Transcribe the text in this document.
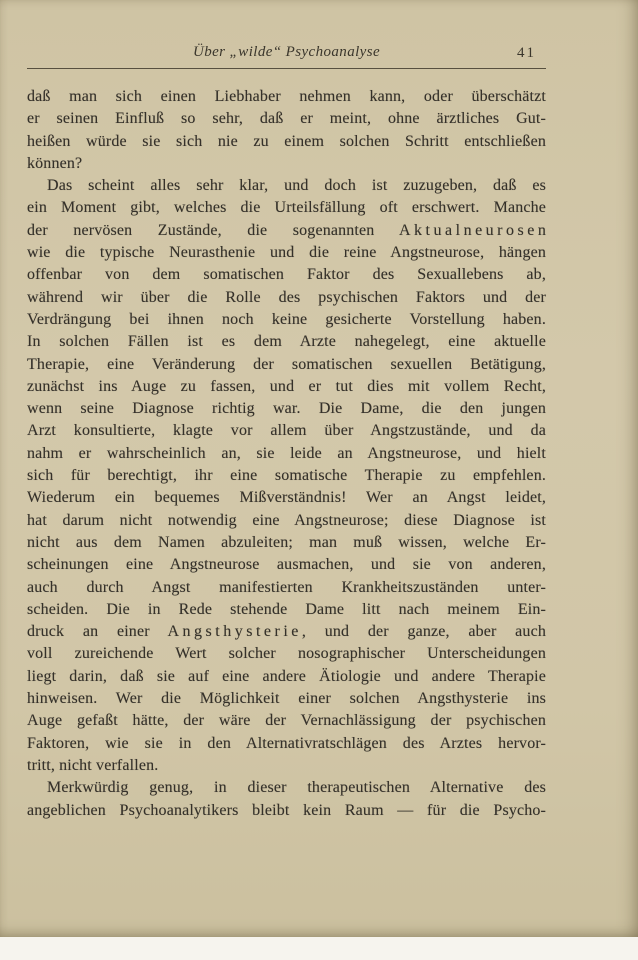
Über „wilde“ Psychoanalyse	41
daß man sich einen Liebhaber nehmen kann, oder überschätzt
er seinen Einfluß so sehr, daß er meint, ohne ärztliches Gut-
heißen würde sie sich nie zu einem solchen Schritt entschließen
können?
Das scheint alles sehr klar, und doch ist zuzugeben, daß es
ein Moment gibt, welches die Urteilsfällung oft erschwert. Manche
der nervösen Zustände, die sogenannten A k t u a l n e u r o s e n
wie die typische Neurasthenie und die reine Angstneurose, hängen
offenbar von dem somatischen Faktor des Sexuallebens ab,
während wir über die Rolle des psychischen Faktors und der
Verdrängung bei ihnen noch keine gesicherte Vorstellung haben.
In solchen Fällen ist es dem Arzte nahegelegt, eine aktuelle
Therapie, eine Veränderung der somatischen sexuellen Betätigung,
zunächst ins Auge zu fassen, und er tut dies mit vollem Recht,
wenn seine Diagnose richtig war. Die Dame, die den jungen
Arzt konsultierte, klagte vor allem über Angstzustände, und da
nahm er wahrscheinlich an, sie leide an Angstneurose, und hielt
sich für berechtigt, ihr eine somatische Therapie zu empfehlen.
Wiederum ein bequemes Mißverständnis! Wer an Angst leidet,
hat darum nicht notwendig eine Angstneurose; diese Diagnose ist
nicht aus dem Namen abzuleiten; man muß wissen, welche Er-
scheinungen eine Angstneurose ausmachen, und sie von anderen,
auch durch Angst manifestierten Krankheitszuständen unter-
scheiden. Die in Rede stehende Dame litt nach meinem Ein-
druck an einer A n g s t h y s t e r i e , und der ganze, aber auch
voll zureichende Wert solcher nosographischer Unterscheidungen
liegt darin, daß sie auf eine andere Ätiologie und andere Therapie
hinweisen. Wer die Möglichkeit einer solchen Angsthysterie ins
Auge gefaßt hätte, der wäre der Vernachlässigung der psychischen
Faktoren, wie sie in den Alternativratschlägen des Arztes hervor-
tritt, nicht verfallen.
Merkwürdig genug, in dieser therapeutischen Alternative des
angeblichen Psychoanalytikers bleibt kein Raum — für die Psycho-
